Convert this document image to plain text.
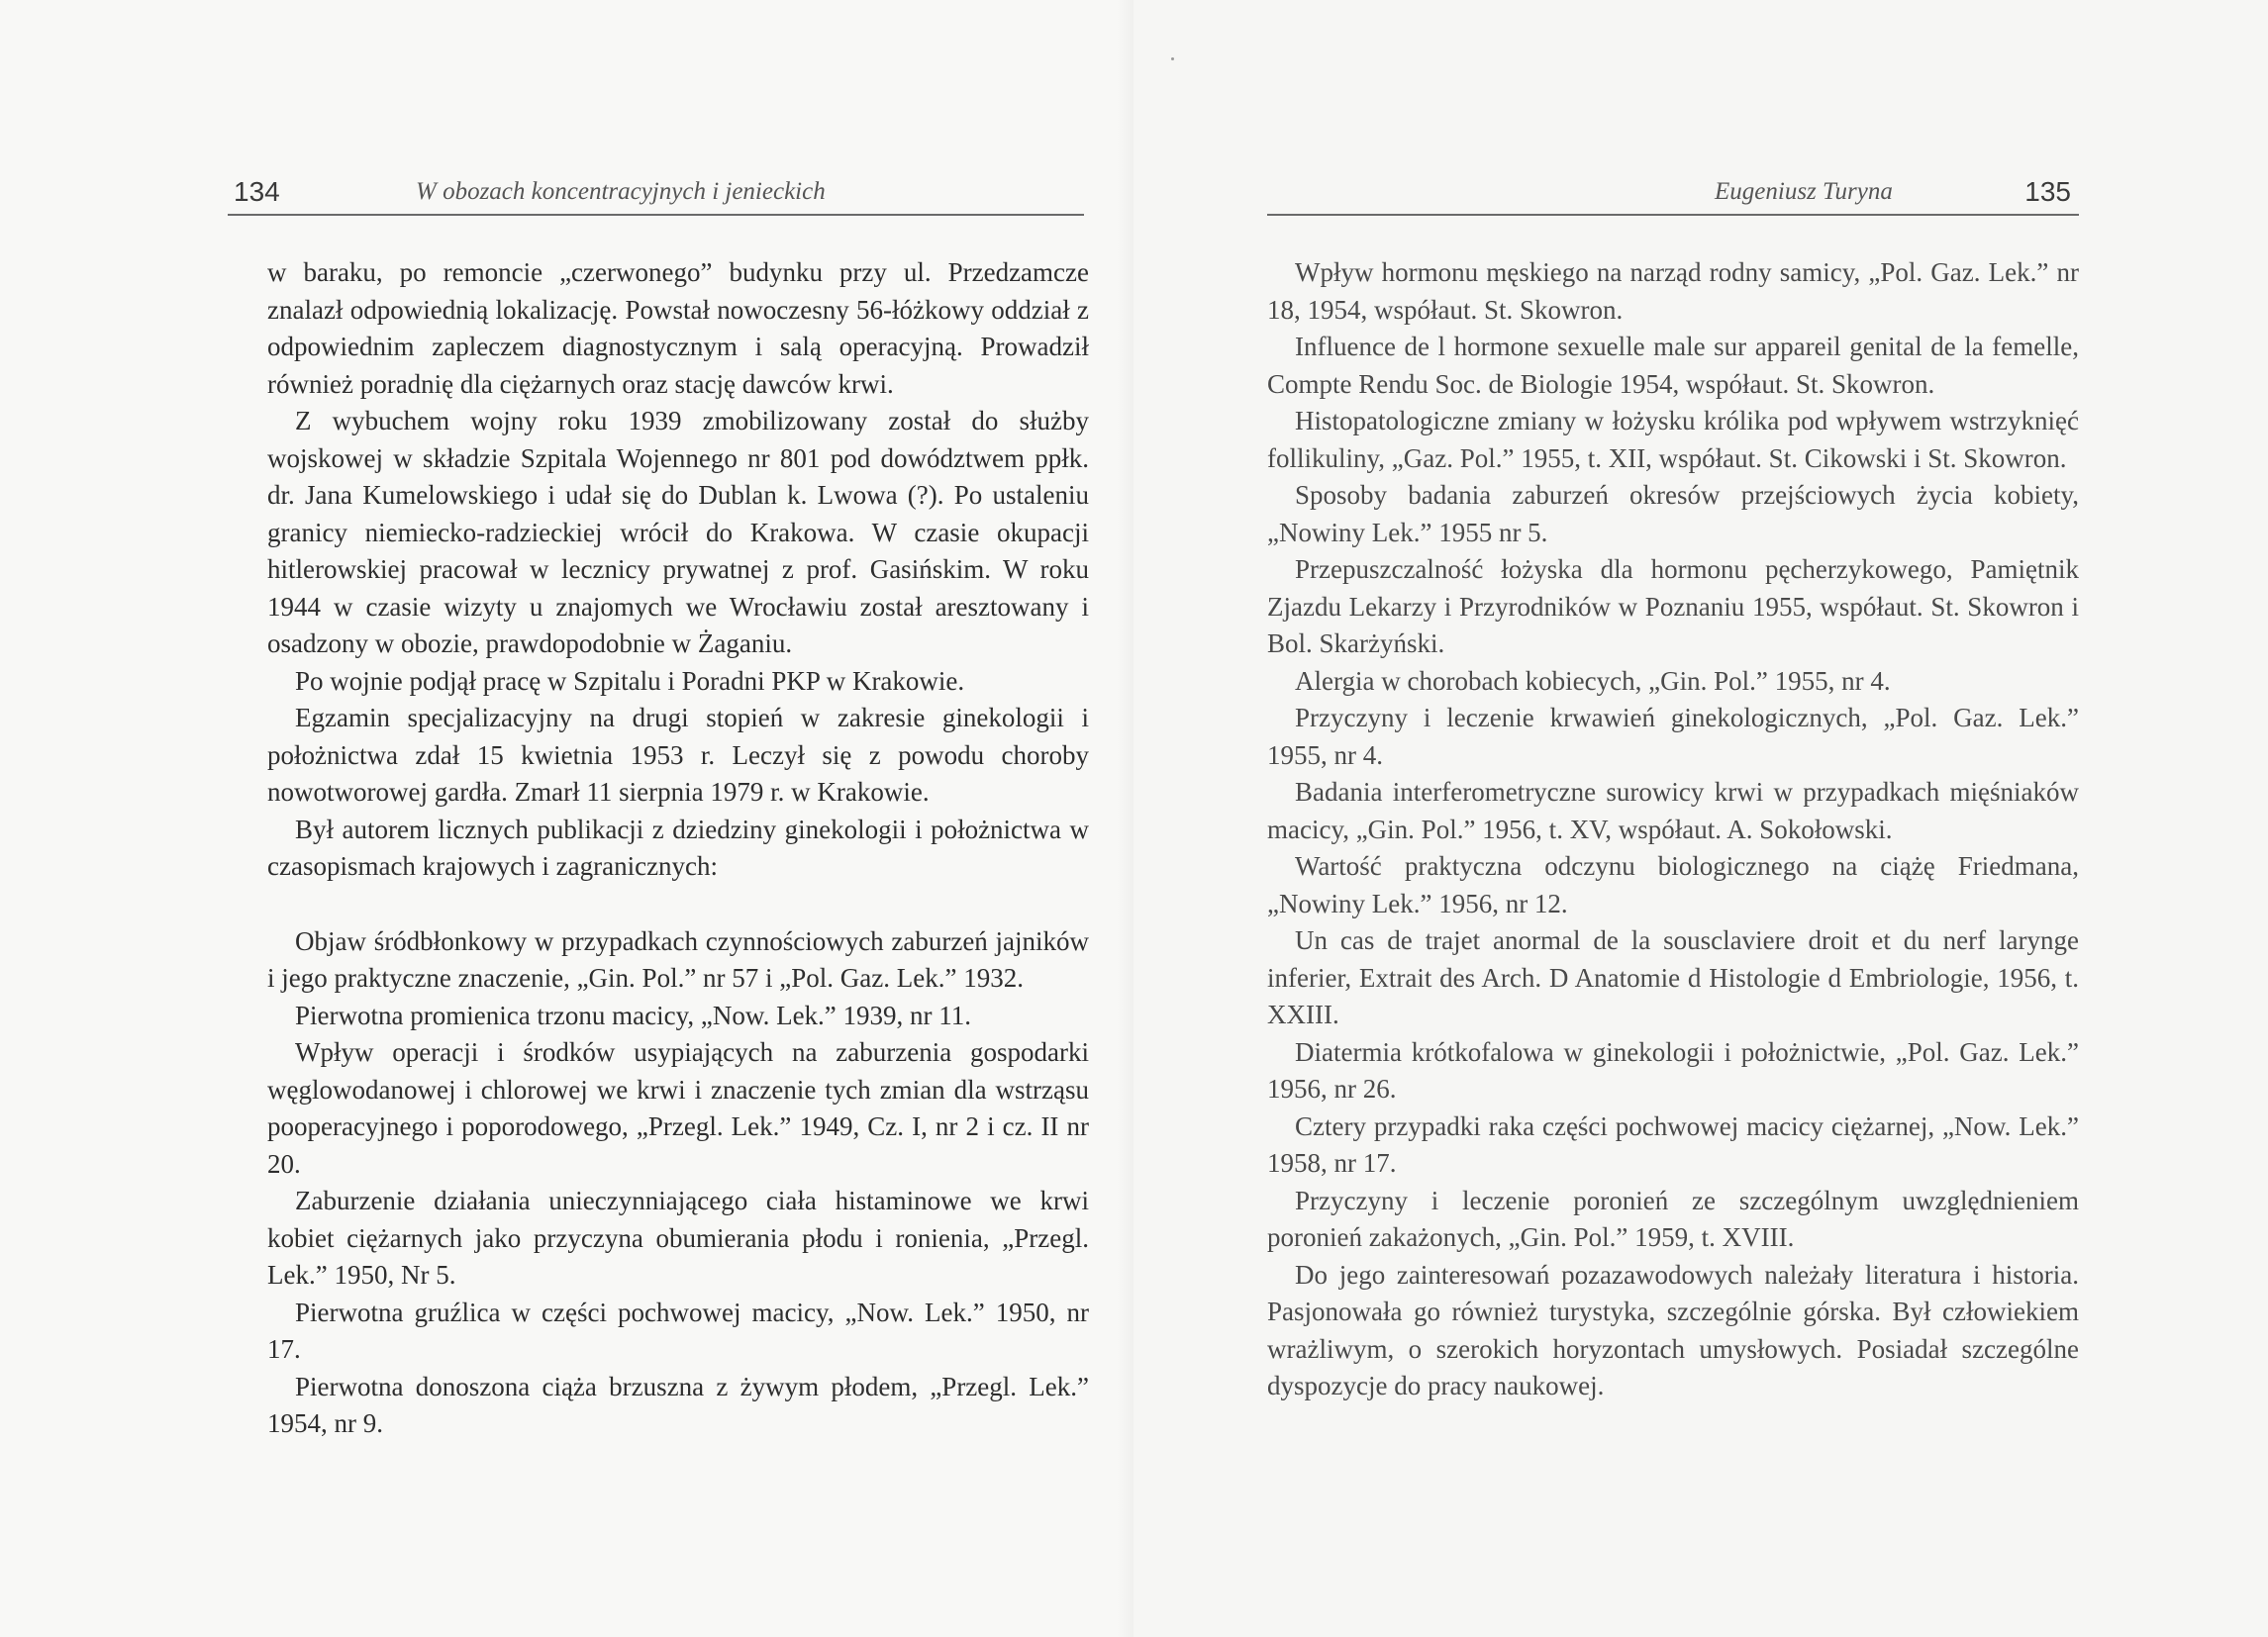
134	W obozach koncentracyjnych i jenieckich

w baraku, po remoncie „czerwonego” budynku przy ul. Przedzamcze znalazł odpowiednią lokalizację. Powstał nowoczesny 56-łóżkowy oddział z odpowiednim zapleczem diagnostycznym i salą operacyjną. Prowadził również poradnię dla ciężarnych oraz stację dawców krwi.

Z wybuchem wojny roku 1939 zmobilizowany został do służby wojskowej w składzie Szpitala Wojennego nr 801 pod dowództwem ppłk. dr. Jana Kumelowskiego i udał się do Dublan k. Lwowa (?). Po ustaleniu granicy niemiecko-radzieckiej wrócił do Krakowa. W czasie okupacji hitlerowskiej pracował w lecznicy prywatnej z prof. Gasińskim. W roku 1944 w czasie wizyty u znajomych we Wrocławiu został aresztowany i osadzony w obozie, prawdopodobnie w Żaganiu.

Po wojnie podjął pracę w Szpitalu i Poradni PKP w Krakowie.

Egzamin specjalizacyjny na drugi stopień w zakresie ginekologii i położnictwa zdał 15 kwietnia 1953 r. Leczył się z powodu choroby nowotworowej gardła. Zmarł 11 sierpnia 1979 r. w Krakowie.

Był autorem licznych publikacji z dziedziny ginekologii i położnictwa w czasopismach krajowych i zagranicznych:

Objaw śródbłonkowy w przypadkach czynnościowych zaburzeń jajników i jego praktyczne znaczenie, „Gin. Pol.” nr 57 i „Pol. Gaz. Lek.” 1932.

Pierwotna promienica trzonu macicy, „Now. Lek.” 1939, nr 11.

Wpływ operacji i środków usypiających na zaburzenia gospodarki węglowodanowej i chlorowej we krwi i znaczenie tych zmian dla wstrząsu pooperacyjnego i poporodowego, „Przegl. Lek.” 1949, Cz. I, nr 2 i cz. II nr 20.

Zaburzenie działania unieczynniającego ciała histaminowe we krwi kobiet ciężarnych jako przyczyna obumierania płodu i ronienia, „Przegl. Lek.” 1950, Nr 5.

Pierwotna gruźlica w części pochwowej macicy, „Now. Lek.” 1950, nr 17.

Pierwotna donoszona ciąża brzuszna z żywym płodem, „Przegl. Lek.” 1954, nr 9.

Eugeniusz Turyna	135

Wpływ hormonu męskiego na narząd rodny samicy, „Pol. Gaz. Lek.” nr 18, 1954, współaut. St. Skowron.

Influence de l hormone sexuelle male sur appareil genital de la femelle, Compte Rendu Soc. de Biologie 1954, współaut. St. Skowron.

Histopatologiczne zmiany w łożysku królika pod wpływem wstrzyknięć follikuliny, „Gaz. Pol.” 1955, t. XII, współaut. St. Cikowski i St. Skowron.

Sposoby badania zaburzeń okresów przejściowych życia kobiety, „Nowiny Lek.” 1955 nr 5.

Przepuszczalność łożyska dla hormonu pęcherzykowego, Pamiętnik Zjazdu Lekarzy i Przyrodników w Poznaniu 1955, współaut. St. Skowron i Bol. Skarżyński.

Alergia w chorobach kobiecych, „Gin. Pol.” 1955, nr 4.

Przyczyny i leczenie krwawień ginekologicznych, „Pol. Gaz. Lek.” 1955, nr 4.

Badania interferometryczne surowicy krwi w przypadkach mięśniaków macicy, „Gin. Pol.” 1956, t. XV, współaut. A. Sokołowski.

Wartość praktyczna odczynu biologicznego na ciążę Friedmana, „Nowiny Lek.” 1956, nr 12.

Un cas de trajet anormal de la sousclaviere droit et du nerf larynge inferier, Extrait des Arch. D Anatomie d Histologie d Embriologie, 1956, t. XXIII.

Diatermia krótkofalowa w ginekologii i położnictwie, „Pol. Gaz. Lek.” 1956, nr 26.

Cztery przypadki raka części pochwowej macicy ciężarnej, „Now. Lek.” 1958, nr 17.

Przyczyny i leczenie poronień ze szczególnym uwzględnieniem poronień zakażonych, „Gin. Pol.” 1959, t. XVIII.

Do jego zainteresowań pozazawodowych należały literatura i historia. Pasjonowała go również turystyka, szczególnie górska. Był człowiekiem wrażliwym, o szerokich horyzontach umysłowych. Posiadał szczególne dyspozycje do pracy naukowej.
